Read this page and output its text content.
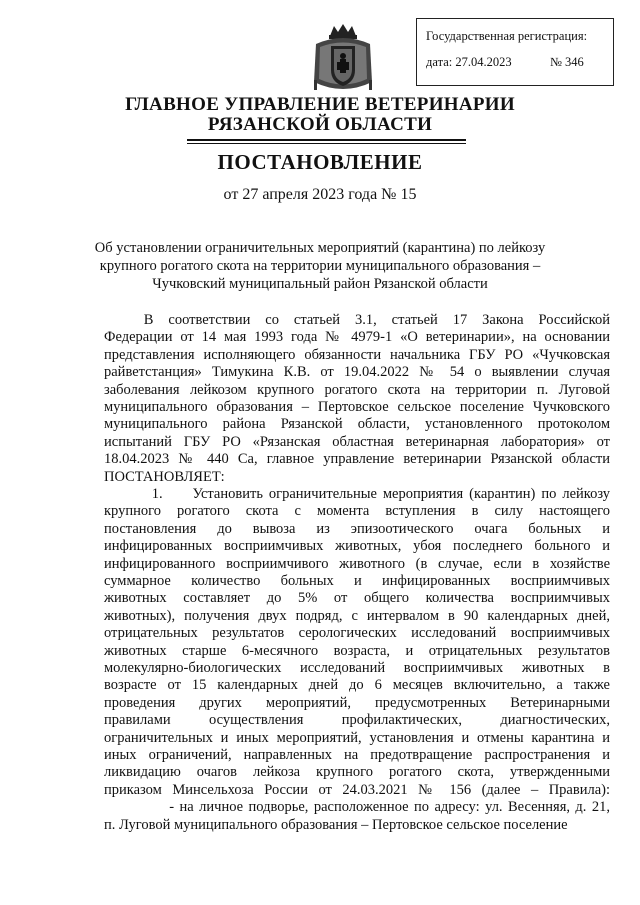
Государственная регистрация:
дата: 27.04.2023	№ 346
ГЛАВНОЕ УПРАВЛЕНИЕ ВЕТЕРИНАРИИ
РЯЗАНСКОЙ ОБЛАСТИ
ПОСТАНОВЛЕНИЕ
от 27 апреля 2023 года № 15
Об установлении ограничительных мероприятий (карантина) по лейкозу
крупного рогатого скота на территории муниципального образования –
Чучковский муниципальный район Рязанской области
В   соответствии   со   статьей   3.1,   статьей   17   Закона   Российской
Федерации от 14 мая 1993 года № 4979-1 «О ветеринарии», на основании
представления исполняющего обязанности начальника ГБУ РО «Чучковская
райветстанция» Тимукина К.В. от 19.04.2022 № 54 о выявлении случая
заболевания лейкозом крупного рогатого скота на территории п. Луговой
муниципального образования – Пертовское сельское поселение Чучковского
муниципального района Рязанской области, установленного протоколом
испытаний ГБУ РО «Рязанская областная ветеринарная лаборатория» от
18.04.2023 № 440 Са, главное управление ветеринарии Рязанской области
ПОСТАНОВЛЯЕТ:
1.     Установить ограничительные мероприятия (карантин) по лейкозу
крупного рогатого скота с момента вступления в силу настоящего
постановления до вывоза из эпизоотического очага больных и
инфицированных восприимчивых животных, убоя последнего больного и
инфицированного восприимчивого животного (в случае, если в хозяйстве
суммарное количество больных и инфицированных восприимчивых
животных составляет до 5% от общего количества восприимчивых
животных), получения двух подряд, с интервалом в 90 календарных дней,
отрицательных результатов серологических исследований восприимчивых
животных старше 6-месячного возраста, и отрицательных результатов
молекулярно-биологических исследований восприимчивых животных в
возрасте от 15 календарных дней до 6 месяцев включительно, а также
проведения других мероприятий, предусмотренных Ветеринарными
правилами осуществления профилактических, диагностических,
ограничительных и иных мероприятий, установления и отмены карантина и
иных ограничений, направленных на предотвращение распространения и
ликвидацию очагов лейкоза крупного рогатого скота, утвержденными
приказом Минсельхоза России от 24.03.2021 № 156 (далее – Правила):
- на личное подворье, расположенное по адресу: ул. Весенняя, д. 21,
п. Луговой муниципального образования – Пертовское сельское поселение
